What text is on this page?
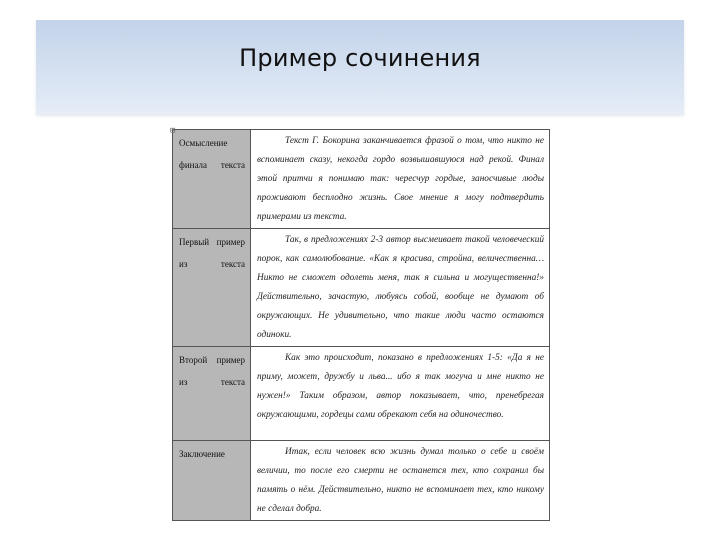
Пример сочинения
⊞
Осмысление финала текста	Текст Г. Бокорина заканчивается фразой о том, что никто не вспоминает сказу, некогда гордо возвышавшуюся над рекой. Финал этой притчи я понимаю так: чересчур гордые, заносчивые люды проживают бесплодно жизнь. Свое мнение я могу подтвердить примерами из текста.
Первый пример из текста	Так, в предложениях 2-3 автор высмеивает такой человеческий порок, как самолюбование. «Как я красива, стройна, величественна… Никто не сможет одолеть меня, так я сильна и могущественна!» Действительно, зачастую, любуясь собой, вообще не думают об окружающих. Не удивительно, что такие люди часто остаются одиноки.
Второй пример из текста	Как это происходит, показано в предложениях 1-5: «Да я не приму, может, дружбу и льва... ибо я так могуча и мне никто не нужен!» Таким образом, автор показывает, что, пренебрегая окружающими, гордецы сами обрекают себя на одиночество.
Заключение	Итак, если человек всю жизнь думал только о себе и своём величии, то после его смерти не останется тех, кто сохранил бы память о нём. Действительно, никто не вспоминает тех, кто никому не сделал добра.
